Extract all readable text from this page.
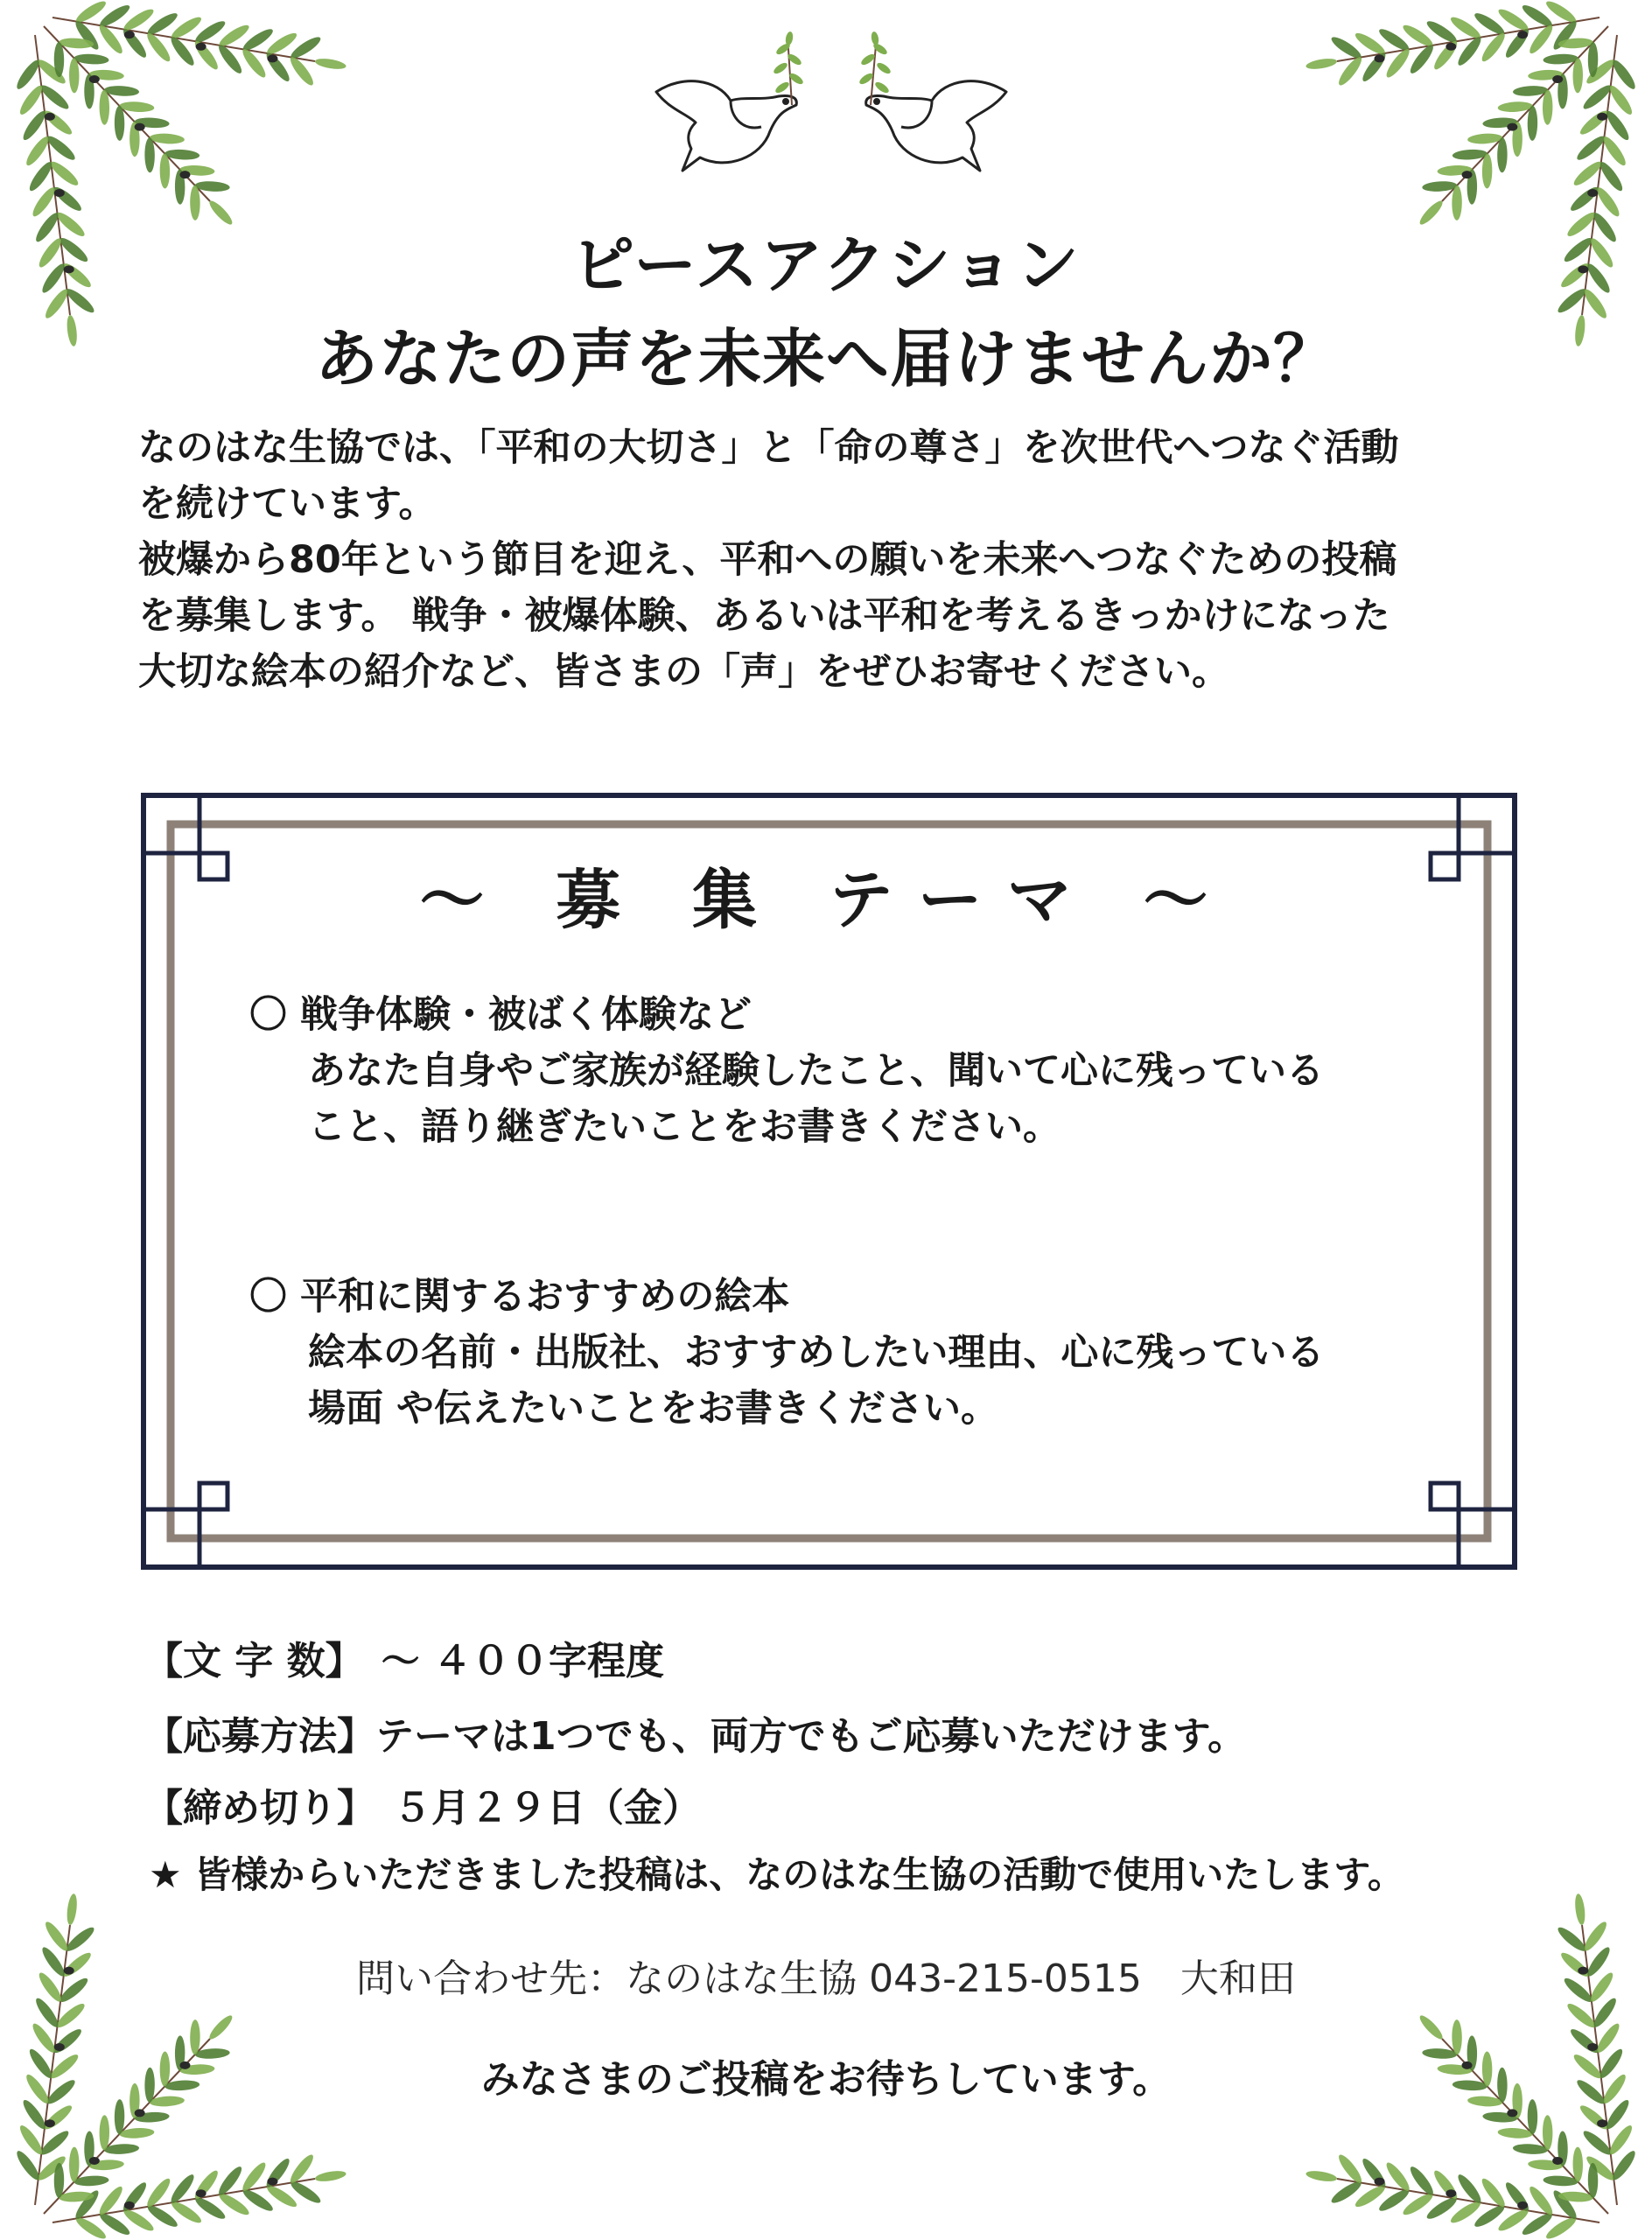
ピースアクション
あなたの声を未来へ届けませんか？
なのはな生協では、「平和の大切さ」と「命の尊さ」を次世代へつなぐ活動
を続けています。
被爆から80年という節目を迎え、平和への願いを未来へつなぐための投稿
を募集します。 戦争・被爆体験、あるいは平和を考えるきっかけになった
大切な絵本の紹介など、皆さまの「声」をぜひお寄せください。
～ 募 集 テーマ ～
〇 戦争体験・被ばく体験など
あなた自身やご家族が経験したこと、聞いて心に残っている
こと、語り継ぎたいことをお書きください。
〇 平和に関するおすすめの絵本
絵本の名前・出版社、おすすめしたい理由、心に残っている
場面 や伝えたいことをお書きください。
【文 字 数】 ～ ４００字程度
【応募方法】テーマは1つでも、両方でもご応募いただけます。
【締め切り】 ５月２９日（金）
★ 皆様からいただきました投稿は、なのはな生協の活動で使用いたします。
問い合わせ先：なのはな生協 043-215-0515　大和田
みなさまのご投稿をお待ちしています。
